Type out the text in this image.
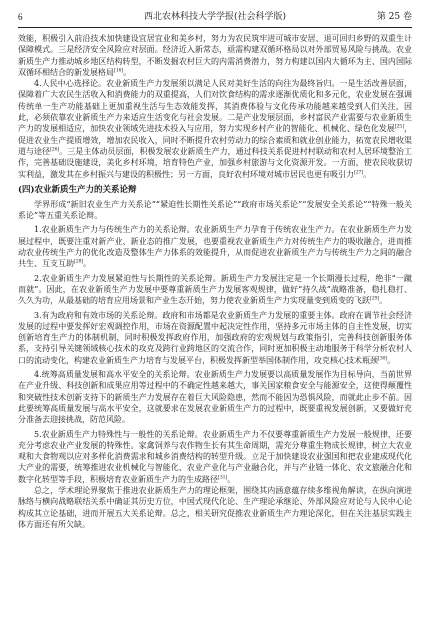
6	西北农林科技大学学报(社会科学版)	第 25 卷

效能，积极引入前沿技术加快建设宜居宜业和美乡村，努力为农民筑牢进可城市安居、退可回归乡野的双重生计保障模式。三是经济安全风险应对层面。经济近入新常态，亟需构建双循环格局以对外部贸易风险与挑战。农业新质生产力推动城乡地区结构转型，不断发掘农村巨大的内需消费潜力，努力构建以国内大循环为主、国内国际双循环相结合的新发展格局[16]。

4.人民中心选择论。农业新质生产力发展须以满足人民对美好生活的向往为最终旨归。一是生活改善层面，保障着广大农民生活收入和消费能力的双重提高，人们对饮食结构的需求逐渐优质化和多元化，农业发展在强调传统单一生产功能基础上更加重视生活与生态效能发挥，其消费体验与文化传承功能越来越受到人们关注，因此，必须依靠农业新质生产力来适应生活变化与社会发展。二是产业发展层面，乡村富民产业需要与农业新质生产力的发展相适应，加快农业领域先进技术投入与应用，努力实现乡村产业的智能化、机械化、绿色化发展[25]，促进农业生产提质增效，增加农民收入，同时不断提升农村劳动力的综合素质和就业创业能力，拓宽农民增收渠道与途径[26]。三是主体动员层面，积极发展农业新质生产力，通过科技关系促进村村联动和农村人居环境整治工作，完善基础设施建设，美化乡村环境，培育特色产业，加强乡村旅游与文化资源开发。一方面，使农民收获切实利益，激发其在乡村振兴与建设的积极性；另一方面，良好农村环境对城市居民也更有吸引力[27]。

(四)农业新质生产力的关系论辩

学界形成“新旧农业生产力关系论”“紧迫性长期性关系论”“政府市场关系论”“发展安全关系论”“特殊一般关系论”等五重关系论辩。

1.农业新质生产力与传统生产力的关系论辩。农业新质生产力孕育于传统农业生产力。在农业新质生产力发展过程中，既要注重对新产业、新业态的推广发展，也要重视农业新质生产力对传统生产力的吸收融合，进而推动农业传统生产力的优化改造及整体生产力体系的效能提升，从而促进农业新质生产力与传统生产力之间的融合共生、互支互助[28]。

2.农业新质生产力发展紧迫性与长期性的关系论辩。新质生产力发展注定是一个长期漫长过程，绝非“一蹴而就”。因此，在农业新质生产力发展中要尊重新质生产力发展客观规律，做好“持久战”战略准备，稳扎稳打、久久为功，从最基础的培育应用场景和产业生态开始，努力使农业新质生产力实现量变到质变的飞跃[29]。

3.有为政府和有效市场的关系论辩。政府和市场都是农业新质生产力发展的重要主体。政府在调节社会经济发展的过程中要发挥好宏观调控作用，市场在资源配置中起决定性作用，坚持多元市场主体的自主性发展，切实创新培育生产力的体制机制，同时积极发挥政府作用，加强政府的宏观规划与政策指引，完善科技创新服务体系，支持引导关键领域核心技术的攻克及跨行业跨地区的交流合作，同时更加积极主动地服务于科学分析农村人口的流动变化，构建农业新质生产力培育与发展平台，积极发挥新型举国体制作用，攻克核心技术瓶颈[30]。

4.统筹高质量发展和高水平安全的关系论辩。农业新质生产力发展要以高质量发展作为目标导向，当前世界在产业升级、科技创新和成果应用等过程中的不确定性越来越大，事关国家粮食安全与能源安全，这使得颠覆性和突破性技术创新支持下的新质生产力发展存在着巨大风险隐患，然而不能因为恐惧风险，而就此止步不前。因此要统筹高质量发展与高水平安全，这就要求在发展农业新质生产力的过程中，既要重视发展创新，又要做好充分准备去迎接挑战，防范风险。

5.农业新质生产力特殊性与一般性的关系论辩。农业新质生产力不仅要尊重新质生产力发展一般规律，还要充分考虑农业产业发展的特殊性。家禽饲养与农作物生长有其生命周期，需充分尊重生物成长规律，树立大农业观和大食物观以应对多样化消费需求和城乡消费结构的转型升级。立足于加快建设农业强国和把农业建成现代化大产业的需要，统筹推进农业机械化与智能化、农业产业化与产业融合化，并与产业链一体化、农文旅融合化和数字化转型等手段，积极培育农业新质生产力的生成路径[31]。

总之，学术理论界聚焦于推进农业新质生产力的理论框架，围绕其内涵意蕴存续多维视角解读，在纵向演进脉络与横向战略联结关系中确证其历史方位，中国式现代化论、生产理论承继论、外部风险应对论与人民中心论构成其立论基础，进而开展五大关系论辩。总之，相关研究促推农业新质生产力理论深化，但在关注基层实践主体方面还有所欠缺。
